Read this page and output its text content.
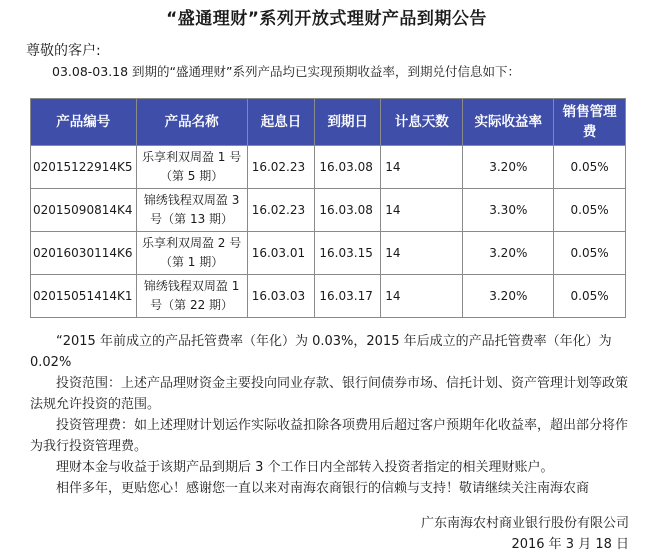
“盛通理财”系列开放式理财产品到期公告
尊敬的客户:
03.08-03.18 到期的“盛通理财”系列产品均已实现预期收益率，到期兑付信息如下：
产品编号	产品名称	起息日	到期日	计息天数	实际收益率	销售管理费
02015122914K5	乐享利双周盈 1 号（第 5 期）	16.02.23	16.03.08	14	3.20%	0.05%
02015090814K4	锦绣钱程双周盈 3 号（第 13 期）	16.02.23	16.03.08	14	3.30%	0.05%
02016030114K6	乐享利双周盈 2 号（第 1 期）	16.03.01	16.03.15	14	3.20%	0.05%
02015051414K1	锦绣钱程双周盈 1 号（第 22 期）	16.03.03	16.03.17	14	3.20%	0.05%
“2015 年前成立的产品托管费率（年化）为 0.03%，2015 年后成立的产品托管费率（年化）为 0.02%
投资范围：上述产品理财资金主要投向同业存款、银行间债券市场、信托计划、资产管理计划等政策法规允许投资的范围。
投资管理费：如上述理财计划运作实际收益扣除各项费用后超过客户预期年化收益率，超出部分将作为我行投资管理费。
理财本金与收益于该期产品到期后 3 个工作日内全部转入投资者指定的相关理财账户。
相伴多年，更贴您心！感谢您一直以来对南海农商银行的信赖与支持！敬请继续关注南海农商
广东南海农村商业银行股份有限公司
2016 年 3 月 18 日
